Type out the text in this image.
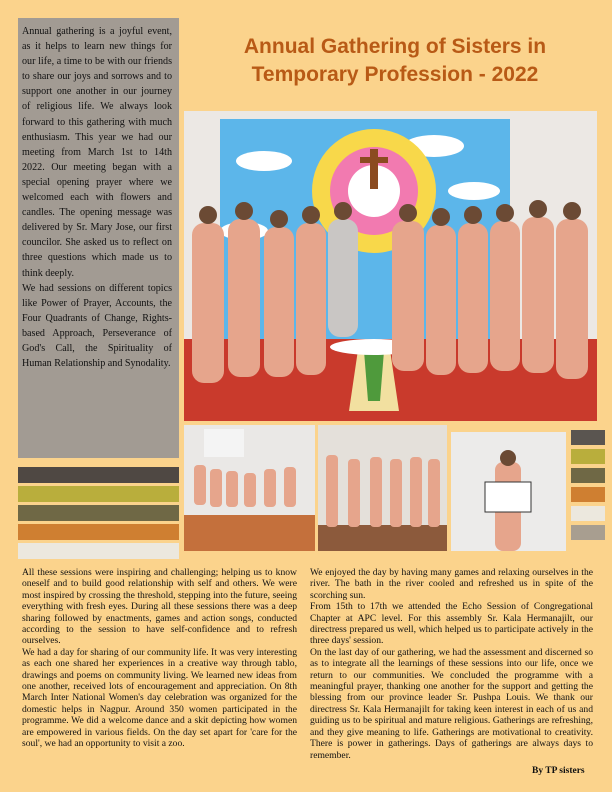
Annual gathering is a joyful event, as it helps to learn new things for our life, a time to be with our friends to share our joys and sorrows and to support one another in our journey of religious life. We always look forward to this gathering with much enthusiasm. This year we had our meeting from March 1st to 14th 2022. Our meeting began with a special opening prayer where we welcomed each with flowers and candles. The opening message was delivered by Sr. Mary Jose, our first councilor. She asked us to reflect on three questions which made us to think deeply.

We had sessions on different topics like Power of Prayer, Accounts, the Four Quadrants of Change, Rights-based Approach, Perseverance of God's Call, the Spirituality of Human Relationship and Synodality.

Annual Gathering of Sisters in
Temporary Profession - 2022

All these sessions were inspiring and challenging; helping us to know oneself and to build good relationship with self and others. We were most inspired by crossing the threshold, stepping into the future, seeing everything with fresh eyes. During all these sessions there was a deep sharing followed by enactments, games and action songs, conducted according to the session to have self-confidence and to refresh ourselves.

We had a day for sharing of our community life. It was very interesting as each one shared her experiences in a creative way through tablo, drawings and poems on community living. We learned new ideas from one another, received lots of encouragement and appreciation. On 8th March Inter National Women's day celebration was organized for the domestic helps in Nagpur. Around 350 women participated in the programme. We did a welcome dance and a skit depicting how women are empowered in various fields. On the day set apart for 'care for the soul', we had an opportunity to visit a zoo.

We enjoyed the day by having many games and relaxing ourselves in the river. The bath in the river cooled and refreshed us in spite of the scorching sun.

From 15th to 17th we attended the Echo Session of Congregational Chapter at APC level. For this assembly Sr. Kala Hermanajilt, our directress prepared us well, which helped us to participate actively in the three days' session.

On the last day of our gathering, we had the assessment and discerned so as to integrate all the learnings of these sessions into our life, once we return to our communities. We concluded the programme with a meaningful prayer, thanking one another for the support and getting the blessing from our province leader Sr. Pushpa Louis. We thank our directress Sr. Kala Hermanajilt for taking keen interest in each of us and guiding us to be spiritual and mature religious. Gatherings are refreshing, and they give meaning to life. Gatherings are motivational to creativity. There is power in gatherings. Days of gatherings are always days to remember.

By TP sisters
